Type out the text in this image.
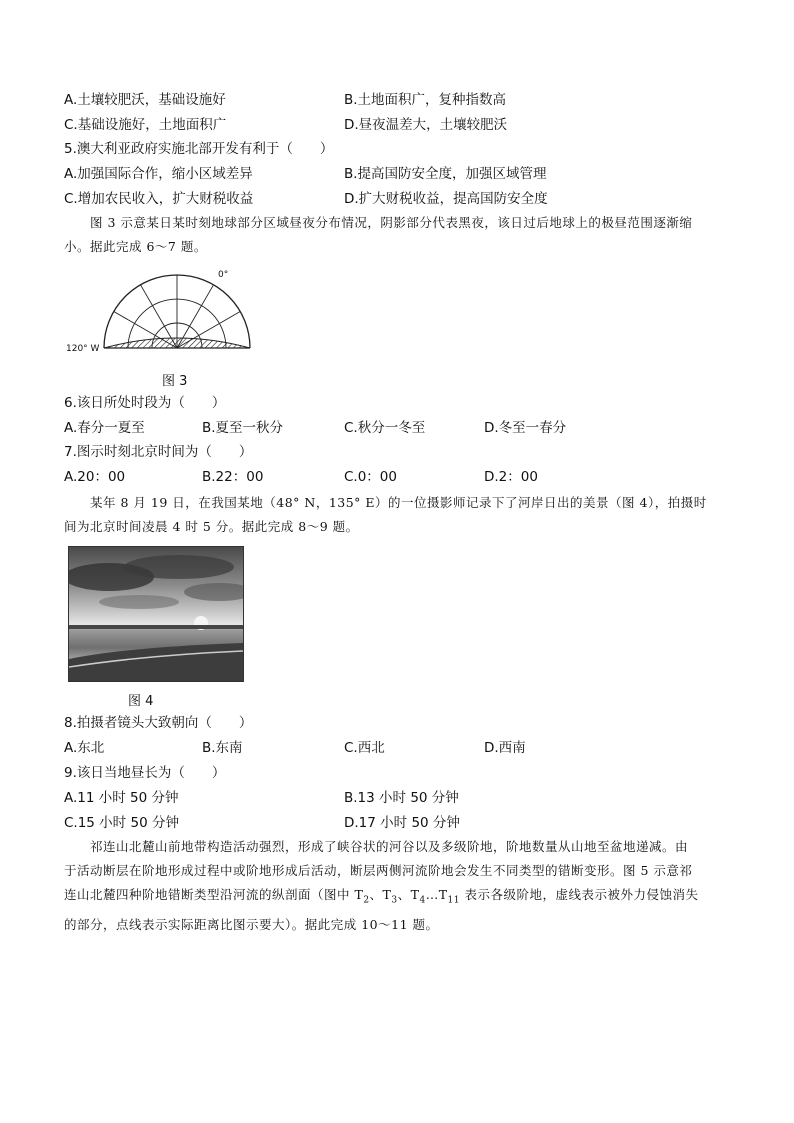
A.土壤较肥沃，基础设施好	B.土地面积广，复种指数高
C.基础设施好，土地面积广	D.昼夜温差大，土壤较肥沃
5.澳大利亚政府实施北部开发有利于（　　）
A.加强国际合作，缩小区域差异	B.提高国防安全度，加强区域管理
C.增加农民收入，扩大财税收益	D.扩大财税收益，提高国防安全度
图 3 示意某日某时刻地球部分区域昼夜分布情况，阴影部分代表黑夜，该日过后地球上的极昼范围逐渐缩
小。据此完成 6～7 题。
0°
120° W
图 3
6.该日所处时段为（　　）
A.春分一夏至	B.夏至一秋分	C.秋分一冬至	D.冬至一春分
7.图示时刻北京时间为（　　）
A.20：00	B.22：00	C.0：00	D.2：00
某年 8 月 19 日，在我国某地（48° N，135° E）的一位摄影师记录下了河岸日出的美景（图 4），拍摄时
间为北京时间凌晨 4 时 5 分。据此完成 8～9 题。
图 4
8.拍摄者镜头大致朝向（　　）
A.东北	B.东南	C.西北	D.西南
9.该日当地昼长为（　　）
A.11 小时 50 分钟	B.13 小时 50 分钟
C.15 小时 50 分钟	D.17 小时 50 分钟
祁连山北麓山前地带构造活动强烈，形成了峡谷状的河谷以及多级阶地，阶地数量从山地至盆地递减。由
于活动断层在阶地形成过程中或阶地形成后活动，断层两侧河流阶地会发生不同类型的错断变形。图 5 示意祁
连山北麓四种阶地错断类型沿河流的纵剖面（图中 $T_2$、$T_3$、$T_4\dots T_{11}$ 表示各级阶地，虚线表示被外力侵蚀消失
的部分，点线表示实际距离比图示要大）。据此完成 10～11 题。
